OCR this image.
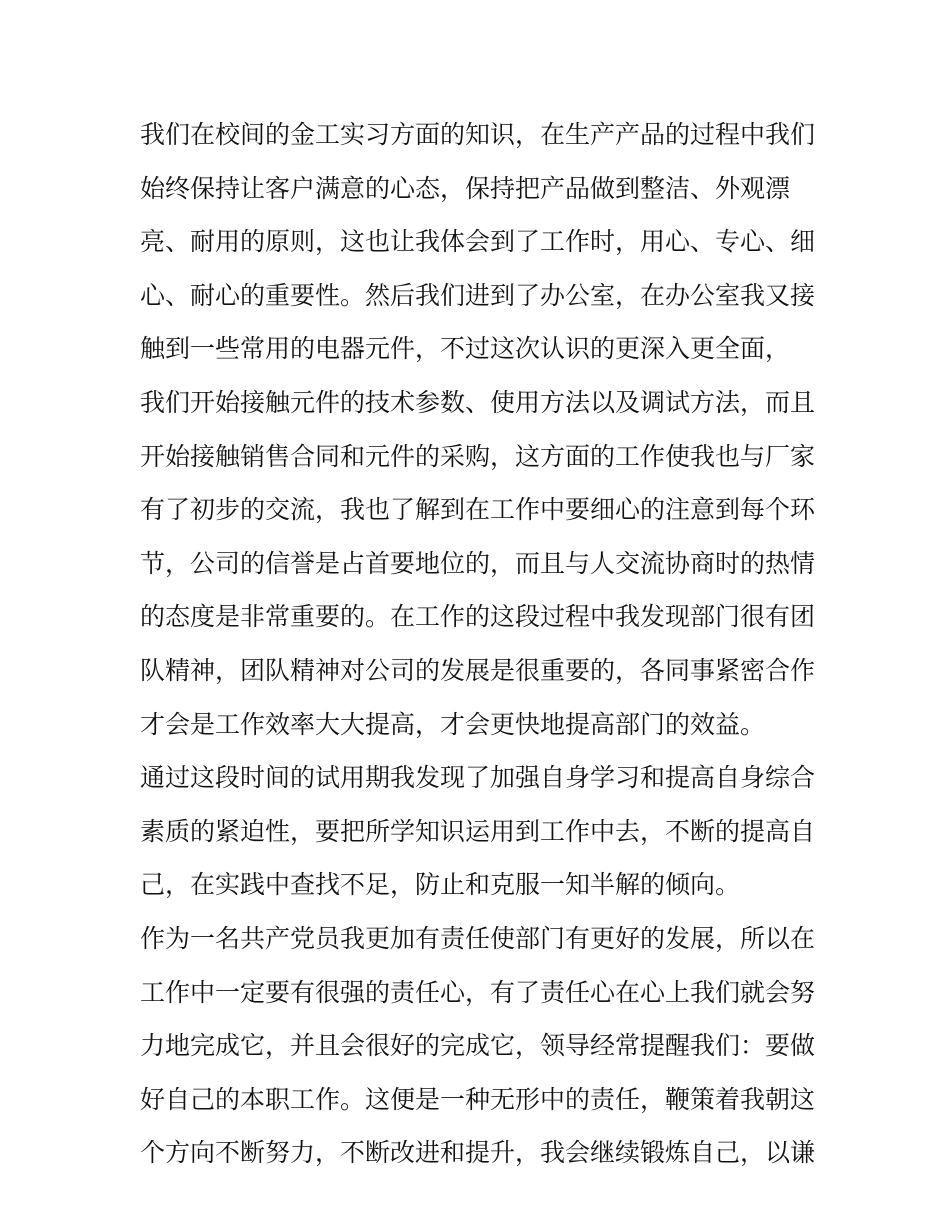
我们在校间的金工实习方面的知识，在生产产品的过程中我们
始终保持让客户满意的心态，保持把产品做到整洁、外观漂
亮、耐用的原则，这也让我体会到了工作时，用心、专心、细
心、耐心的重要性。然后我们进到了办公室，在办公室我又接
触到一些常用的电器元件，不过这次认识的更深入更全面，
我们开始接触元件的技术参数、使用方法以及调试方法，而且
开始接触销售合同和元件的采购，这方面的工作使我也与厂家
有了初步的交流，我也了解到在工作中要细心的注意到每个环
节，公司的信誉是占首要地位的，而且与人交流协商时的热情
的态度是非常重要的。在工作的这段过程中我发现部门很有团
队精神，团队精神对公司的发展是很重要的，各同事紧密合作
才会是工作效率大大提高，才会更快地提高部门的效益。
通过这段时间的试用期我发现了加强自身学习和提高自身综合
素质的紧迫性，要把所学知识运用到工作中去，不断的提高自
己，在实践中查找不足，防止和克服一知半解的倾向。
作为一名共产党员我更加有责任使部门有更好的发展，所以在
工作中一定要有很强的责任心，有了责任心在心上我们就会努
力地完成它，并且会很好的完成它，领导经常提醒我们：要做
好自己的本职工作。这便是一种无形中的责任，鞭策着我朝这
个方向不断努力，不断改进和提升，我会继续锻炼自己，以谦
